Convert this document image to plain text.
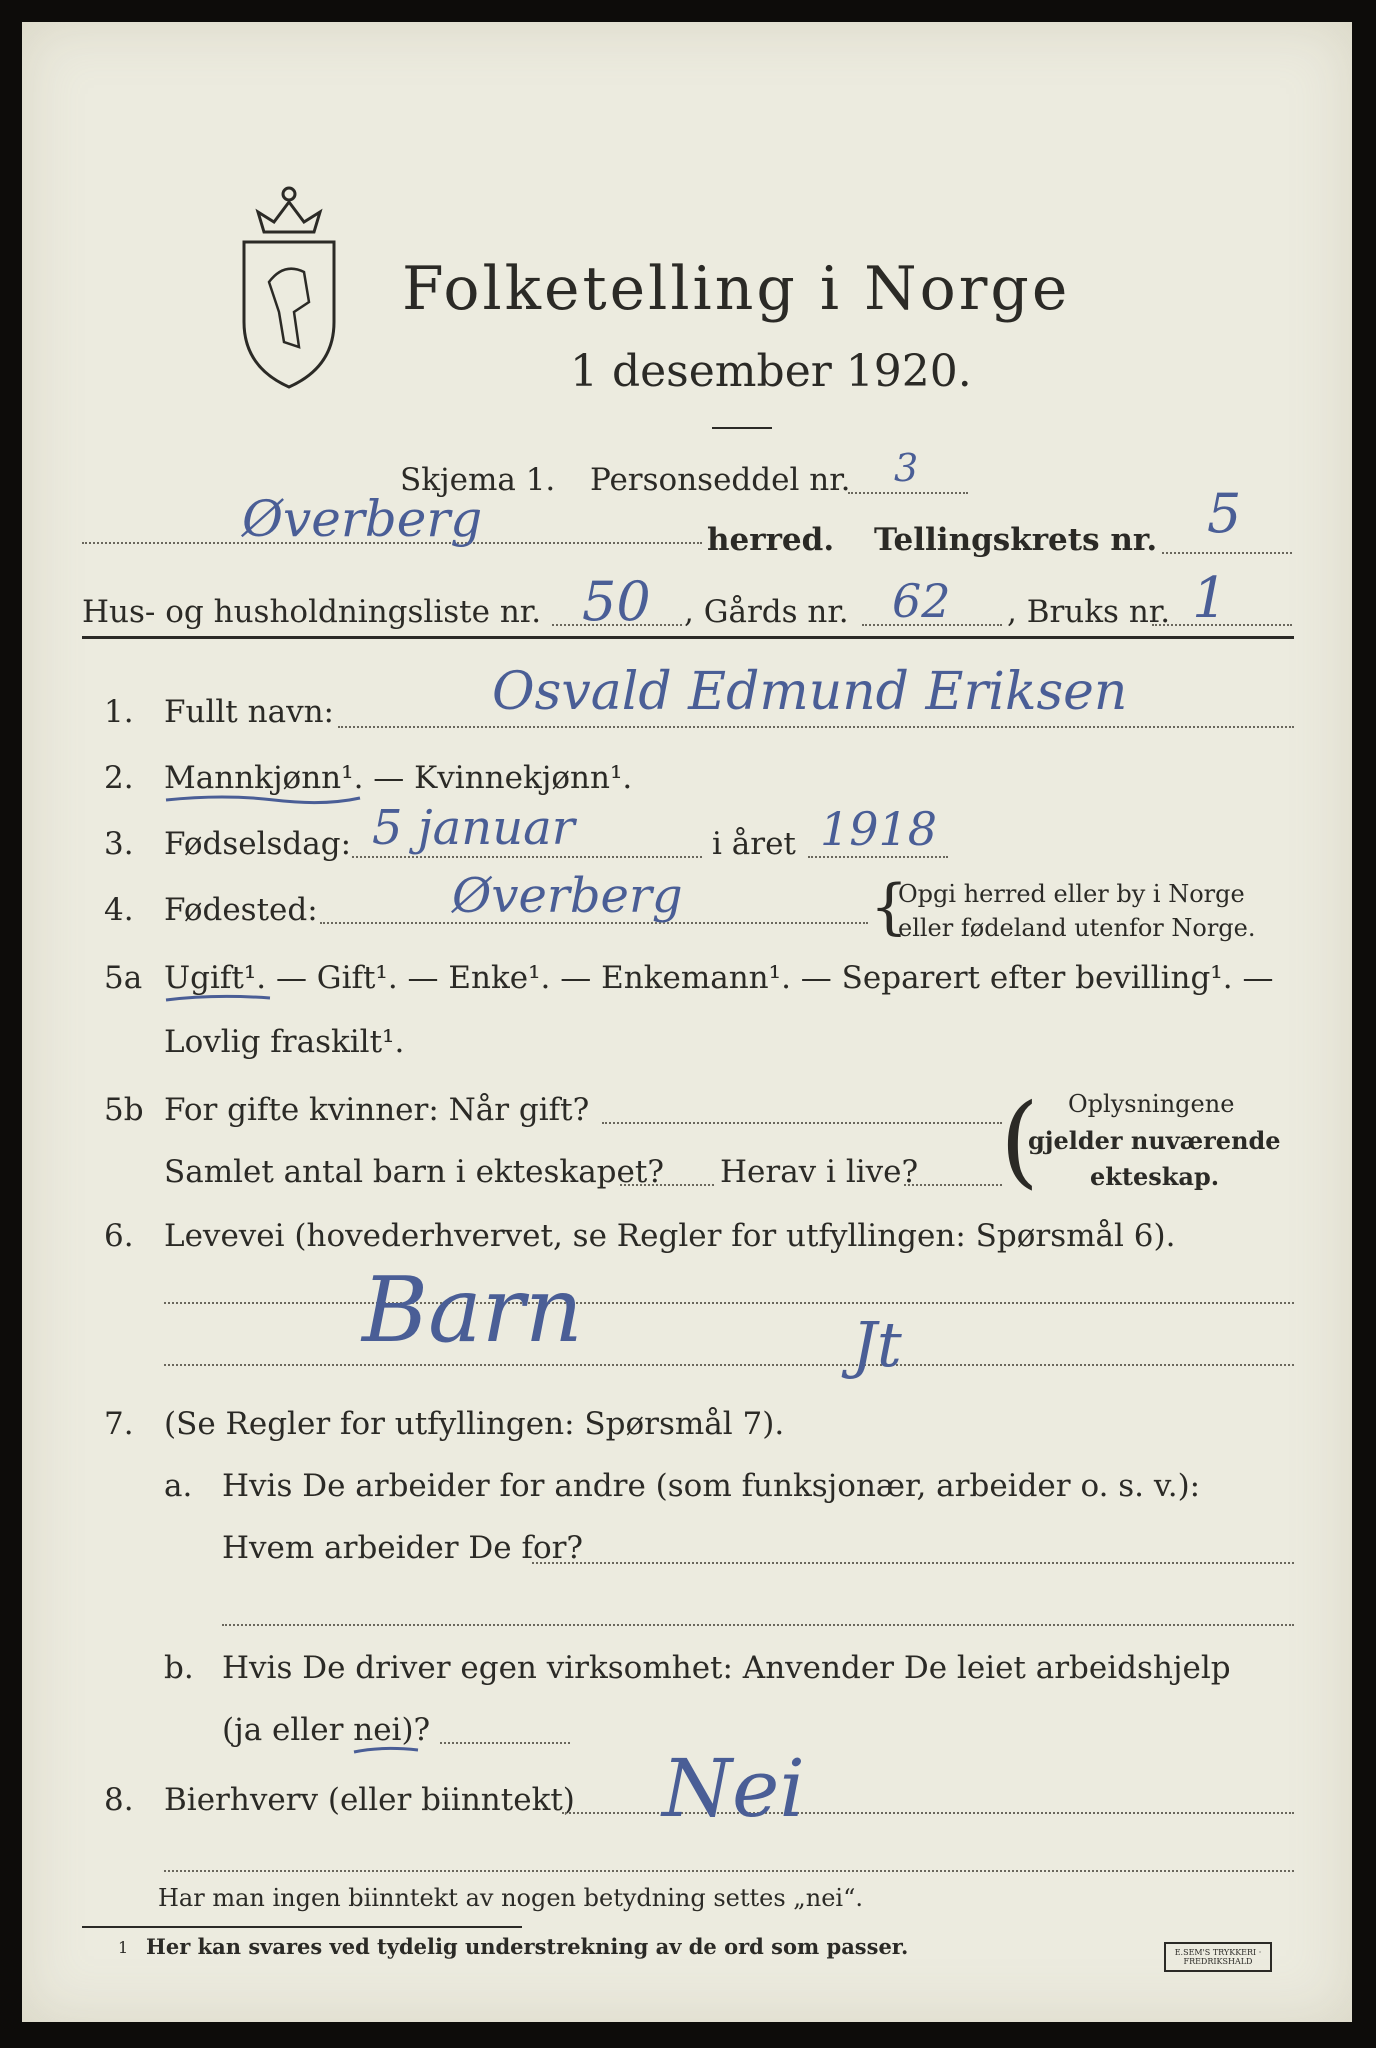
Folketelling i Norge
1 desember 1920.
Skjema 1. Personseddel nr. 3
Øverberg	herred. Tellingskrets nr. 5
Hus- og husholdningsliste nr. 50 , Gårds nr. 62 , Bruks nr. 1
1. Fullt navn:	Osvald Edmund Eriksen
2. Mannkjønn¹. — Kvinnekjønn¹.
3. Fødselsdag: 5 januar	i året 1918
4. Fødested:	Øverberg	{
Opgi herred eller by i Norge
eller fødeland utenfor Norge.
5a Ugift¹. — Gift¹. — Enke¹. — Enkemann¹. — Separert efter bevilling¹. —
Lovlig fraskilt¹.
5b For gifte kvinner: Når gift?
Samlet antal barn i ekteskapet? Herav i live? ( Oplysningene
gjelder nuværende
ekteskap.
6. Levevei (hovederhvervet, se Regler for utfyllingen: Spørsmål 6).
Barn	Jt
7. (Se Regler for utfyllingen: Spørsmål 7).
a. Hvis De arbeider for andre (som funksjonær, arbeider o. s. v.):
Hvem arbeider De for?
b. Hvis De driver egen virksomhet: Anvender De leiet arbeidshjelp
(ja eller nei)?
8. Bierhverv (eller biinntekt) Nei
Har man ingen biinntekt av nogen betydning settes „nei“.
1 Her kan svares ved tydelig understrekning av de ord som passer.	E.SEM'S TRYKKERI · FREDRIKSHALD
